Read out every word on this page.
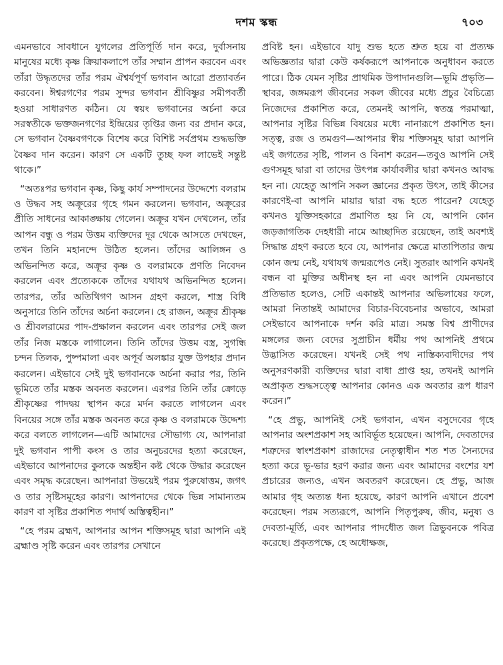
দশম স্কন্ধ	৭০৩

এমনভাবে সাবধানে যুগলের প্রতিপূর্তি দান করে, দুর্বাসনায় মানুষের মধ্যে কৃষ্ণ ক্রিয়াকলাপে তাঁর সম্মান প্রাপন করবেন এবং তাঁরা উদ্ধৃতদের তাঁর পরম ঐশ্বর্যপূর্ণ ভগবান আরো প্রত্যাবর্তন করবেন। ঈশ্বরগণের পরম সুন্দর ভগবান শ্রীবিষ্ণুর সমীপবর্তী হওয়া সাধারণত কঠিন। যে স্বয়ং ভগবানের অর্চনা করে সরস্বতীকে ভক্তজনগণের ইন্দ্রিয়ের তৃপ্তির জন্য বর প্রদান করে, সে ভগবান বৈষ্ণবগণকে বিশেষ করে বিশিষ্ট সর্বপ্রথম শুদ্ধভক্তি বৈষ্ণব দান করেন। কারণ সে একটি তুচ্ছ ফল লাভেই সন্তুষ্ট থাকে।”

“অতঃপর ভগবান কৃষ্ণ, কিছু কার্য সম্পাদনের উদ্দেশ্যে বলরাম ও উদ্ধব সহ অক্রূরের গৃহে গমন করলেন। ভগবান, অক্রূরের প্রীতি সাধনের আকাঙ্ক্ষায় গেলেন। অক্রূর যখন দেখলেন, তাঁর আপন বন্ধু ও পরম উত্তম ব্যক্তিদের দূর থেকে আসতে দেখছেন, তখন তিনি মহানন্দে উঠিত হলেন। তাঁদের আলিঙ্গন ও অভিনন্দিত করে, অক্রূর কৃষ্ণ ও বলরামকে প্রণতি নিবেদন করলেন এবং প্রত্যেককে তাঁদের যথাযথ অভিনন্দিত হলেন। তারপর, তাঁর অতিথিগণ আসন গ্রহণ করলে, শাস্ত্র বিধি অনুসারে তিনি তাঁদের অর্চনা করলেন। হে রাজন, অক্রূর শ্রীকৃষ্ণ ও শ্রীবলরামের পাদ-প্রক্ষালন করলেন এবং তারপর সেই জল তাঁর নিজ মস্তকে লাগালেন। তিনি তাঁদের উত্তম বস্ত্র, সুগন্ধি চন্দন তিলক, পুষ্পমালা এবং অপূর্ব অলঙ্কার যুক্ত উপহার প্রদান করলেন। এইভাবে সেই দুই ভগবানকে অর্চনা করার পর, তিনি ভূমিতে তাঁর মস্তক অবনত করলেন। এরপর তিনি তাঁর ক্রোড়ে শ্রীকৃষ্ণের পাদদ্বয় স্থাপন করে মর্দন করতে লাগলেন এবং বিনয়ের সঙ্গে তাঁর মস্তক অবনত করে কৃষ্ণ ও বলরামকে উদ্দেশ্য করে বলতে লাগলেন—এটি আমাদের সৌভাগ্য যে, আপনারা দুই ভগবান পাপী কংস ও তার অনুচরদের হত্যা করেছেন, এইভাবে আপনাদের কুলকে অন্তহীন কষ্ট থেকে উদ্ধার করেছেন এবং সমৃদ্ধ করেছেন। আপনারা উভয়েই পরম পুরুষোত্তম, জগৎ ও তার সৃষ্টিসমূহের কারণ। আপনাদের থেকে ভিন্ন সামান্যতম কারণ বা সৃষ্টির প্রকাশিত পদার্থ অস্তিত্বহীন।”

“হে পরম ব্রহ্মণ, আপনার আপন শক্তিসমূহ দ্বারা আপনি এই ব্রহ্মাণ্ড সৃষ্টি করেন এবং তারপর সেখানে

প্রবিষ্ট হন। এইভাবে যাদু শুভ হতে শ্রুত হয়ে বা প্রত্যক্ষ অভিজ্ঞতার দ্বারা কেউ কর্ষকরূপে আপনাকে অনুধাবন করতে পারে। ঠিক যেমন সৃষ্টির প্রাথমিক উপাদানগুলি—ভূমি প্রভৃতি—স্থাবর, জঙ্গমরূপ জীবনের সকল জীবের মধ্যে প্রচুর বৈচিত্র্যে নিজেদের প্রকাশিত করে, তেমনই আপনি, স্বতন্ত্র পরমাত্মা, আপনার সৃষ্টির বিভিন্ন বিষয়ের মধ্যে নানারূপে প্রকাশিত হন। সত্ত্ব, রজ ও তমগুণ—আপনার স্বীয় শক্তিসমূহ দ্বারা আপনি এই জগতের সৃষ্টি, পালন ও বিনাশ করেন—তবুও আপনি সেই গুণসমূহ দ্বারা বা তাদের উৎপন্ন কার্যাবলীর দ্বারা কখনও আবদ্ধ হন না। যেহেতু আপনি সকল জ্ঞানের প্রকৃত উৎস, তাই কীসের কারণেই-বা আপনি মায়ার দ্বারা বদ্ধ হতে পারেন? যেহেতু কখনও যুক্তিসহকারে প্রমাণিত হয় নি যে, আপনি কোন জড়জাগতিক দেহধারী নামে আচ্ছাদিত রয়েছেন, তাই অবশ্যই সিদ্ধান্ত গ্রহণ করতে হবে যে, আপনার ক্ষেত্রে মাতাপিতার জন্ম কোন জন্ম নেই, যথাযথ জন্মরূপেও নেই। সুতরাং আপনি কখনই বন্ধন বা মুক্তির অধীনস্থ হন না এবং আপনি যেমনভাবে প্রতিভাত হলেও, সেটি একান্তই আপনার অভিলাষের ফলে, আমরা নিতান্তই আমাদের বিচার-বিবেচনার অভাবে, আমরা সেইভাবে আপনাকে দর্শন করি মাত্র। সমস্ত বিশ্ব প্রাণীদের মঙ্গলের জন্য বেদের সুপ্রাচীন ধর্মীয় পথ আপনিই প্রথমে উদ্ভাসিত করেছেন। যখনই সেই পথ নাস্তিক্যবাদীদের পথ অনুসরণকারী ব্যক্তিদের দ্বারা বাধা প্রাপ্ত হয়, তখনই আপনি অপ্রাকৃত শুদ্ধসত্ত্বে আপনার কোনও এক অবতার রূপ ধারণ করেন।”

“হে প্রভু, আপনিই সেই ভগবান, এখন বসুদেবের গৃহে আপনার অংশপ্রকাশ সহ আবির্ভূত হয়েছেন। আপনি, দেবতাদের শত্রুদের স্বাংশপ্রকাশ রাজাদের নেতৃত্বাধীন শত শত সৈন্যদের হত্যা করে ভূ-ভার হরণ করার জন্য এবং আমাদের বংশের যশ প্রচারের জন্যও, এখন অবতরণ করেছেন। হে প্রভু, আজ আমার গৃহ অত্যন্ত ধন্য হয়েছে, কারণ আপনি এখানে প্রবেশ করেছেন। পরম সত্যরূপে, আপনি পিতৃপুরুষ, জীব, মনুষ্য ও দেবতা-মূর্তি, এবং আপনার পাদধৌত জল ত্রিভুবনকে পবিত্র করেছে। প্রকৃতপক্ষে, হে অধোক্ষজ,
